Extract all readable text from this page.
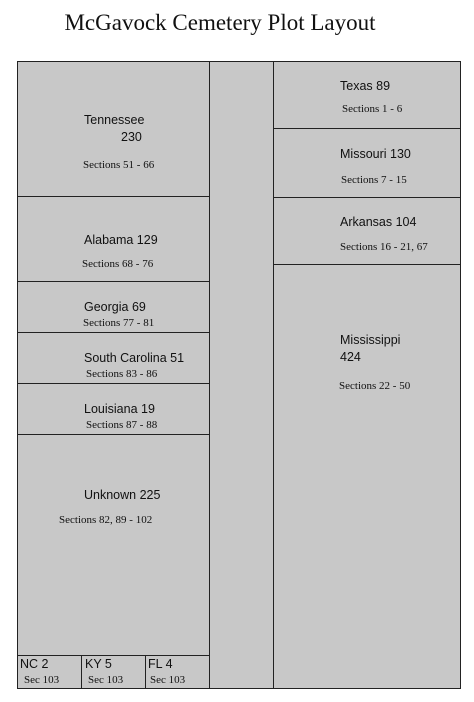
McGavock Cemetery Plot Layout
Tennessee
230
Sections 51 - 66
Alabama 129
Sections 68 - 76
Georgia 69
Sections 77 - 81
South Carolina 51
Sections 83 - 86
Louisiana 19
Sections 87 - 88
Unknown 225
Sections 82, 89 - 102
NC 2
Sec 103
KY 5
Sec 103
FL 4
Sec 103
Texas 89
Sections 1 - 6
Missouri 130
Sections 7 - 15
Arkansas 104
Sections 16 - 21, 67
Mississippi
424
Sections 22 - 50
